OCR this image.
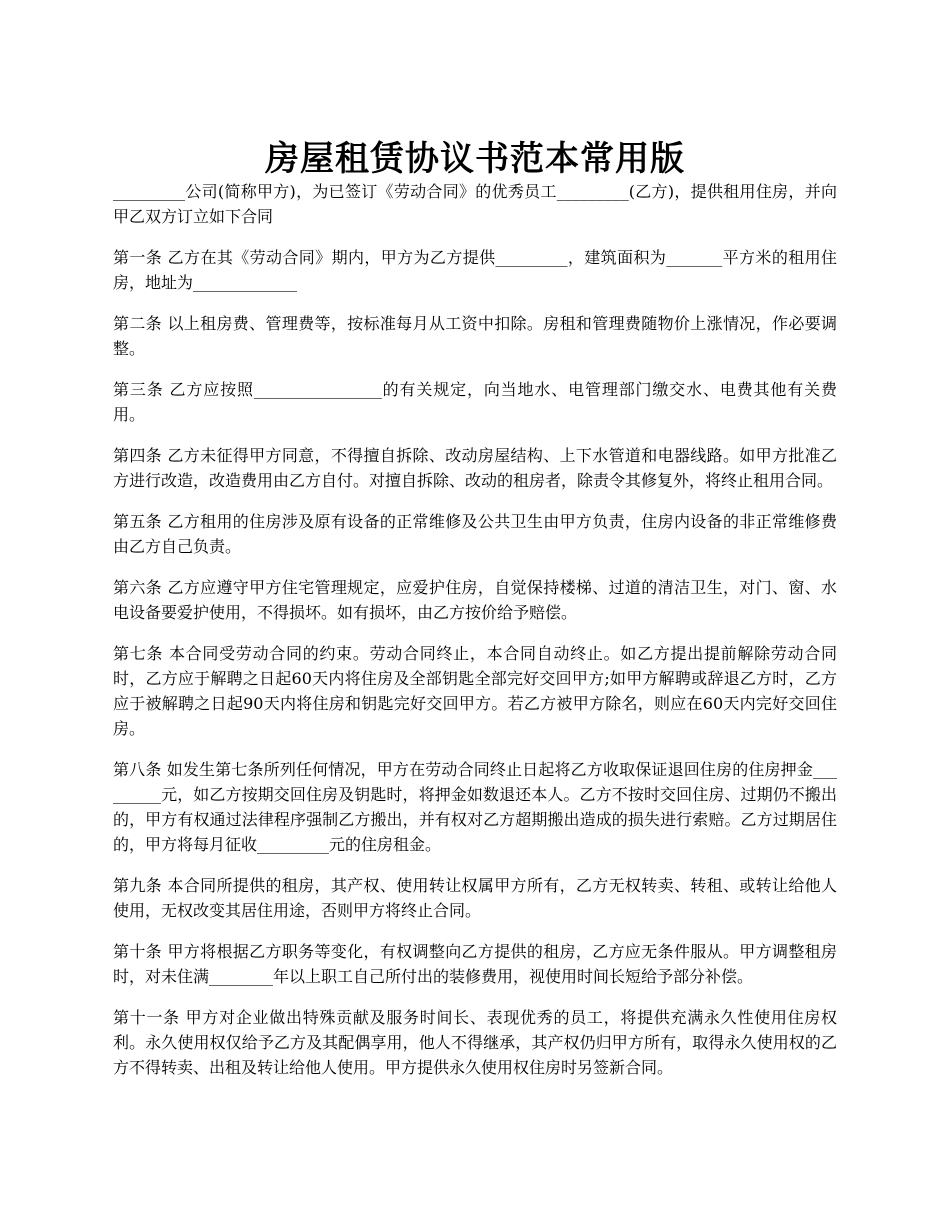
房屋租赁协议书范本常用版

_________公司(简称甲方)，为已签订《劳动合同》的优秀员工_________(乙方)，提供租用住房，并向甲乙双方订立如下合同

第一条 乙方在其《劳动合同》期内，甲方为乙方提供_________，建筑面积为_______平方米的租用住房，地址为_____________

第二条 以上租房费、管理费等，按标准每月从工资中扣除。房租和管理费随物价上涨情况，作必要调整。

第三条 乙方应按照________________的有关规定，向当地水、电管理部门缴交水、电费其他有关费用。

第四条 乙方未征得甲方同意，不得擅自拆除、改动房屋结构、上下水管道和电器线路。如甲方批准乙方进行改造，改造费用由乙方自付。对擅自拆除、改动的租房者，除责令其修复外，将终止租用合同。

第五条 乙方租用的住房涉及原有设备的正常维修及公共卫生由甲方负责，住房内设备的非正常维修费由乙方自己负责。

第六条 乙方应遵守甲方住宅管理规定，应爱护住房，自觉保持楼梯、过道的清洁卫生，对门、窗、水电设备要爱护使用，不得损坏。如有损坏，由乙方按价给予赔偿。

第七条 本合同受劳动合同的约束。劳动合同终止，本合同自动终止。如乙方提出提前解除劳动合同时，乙方应于解聘之日起60天内将住房及全部钥匙全部完好交回甲方;如甲方解聘或辞退乙方时，乙方应于被解聘之日起90天内将住房和钥匙完好交回甲方。若乙方被甲方除名，则应在60天内完好交回住房。

第八条 如发生第七条所列任何情况，甲方在劳动合同终止日起将乙方收取保证退回住房的住房押金_________元，如乙方按期交回住房及钥匙时，将押金如数退还本人。乙方不按时交回住房、过期仍不搬出的，甲方有权通过法律程序强制乙方搬出，并有权对乙方超期搬出造成的损失进行索赔。乙方过期居住的，甲方将每月征收_________元的住房租金。

第九条 本合同所提供的租房，其产权、使用转让权属甲方所有，乙方无权转卖、转租、或转让给他人使用，无权改变其居住用途，否则甲方将终止合同。

第十条 甲方将根据乙方职务等变化，有权调整向乙方提供的租房，乙方应无条件服从。甲方调整租房时，对未住满________年以上职工自己所付出的装修费用，视使用时间长短给予部分补偿。

第十一条 甲方对企业做出特殊贡献及服务时间长、表现优秀的员工，将提供充满永久性使用住房权利。永久使用权仅给予乙方及其配偶享用，他人不得继承，其产权仍归甲方所有，取得永久使用权的乙方不得转卖、出租及转让给他人使用。甲方提供永久使用权住房时另签新合同。
